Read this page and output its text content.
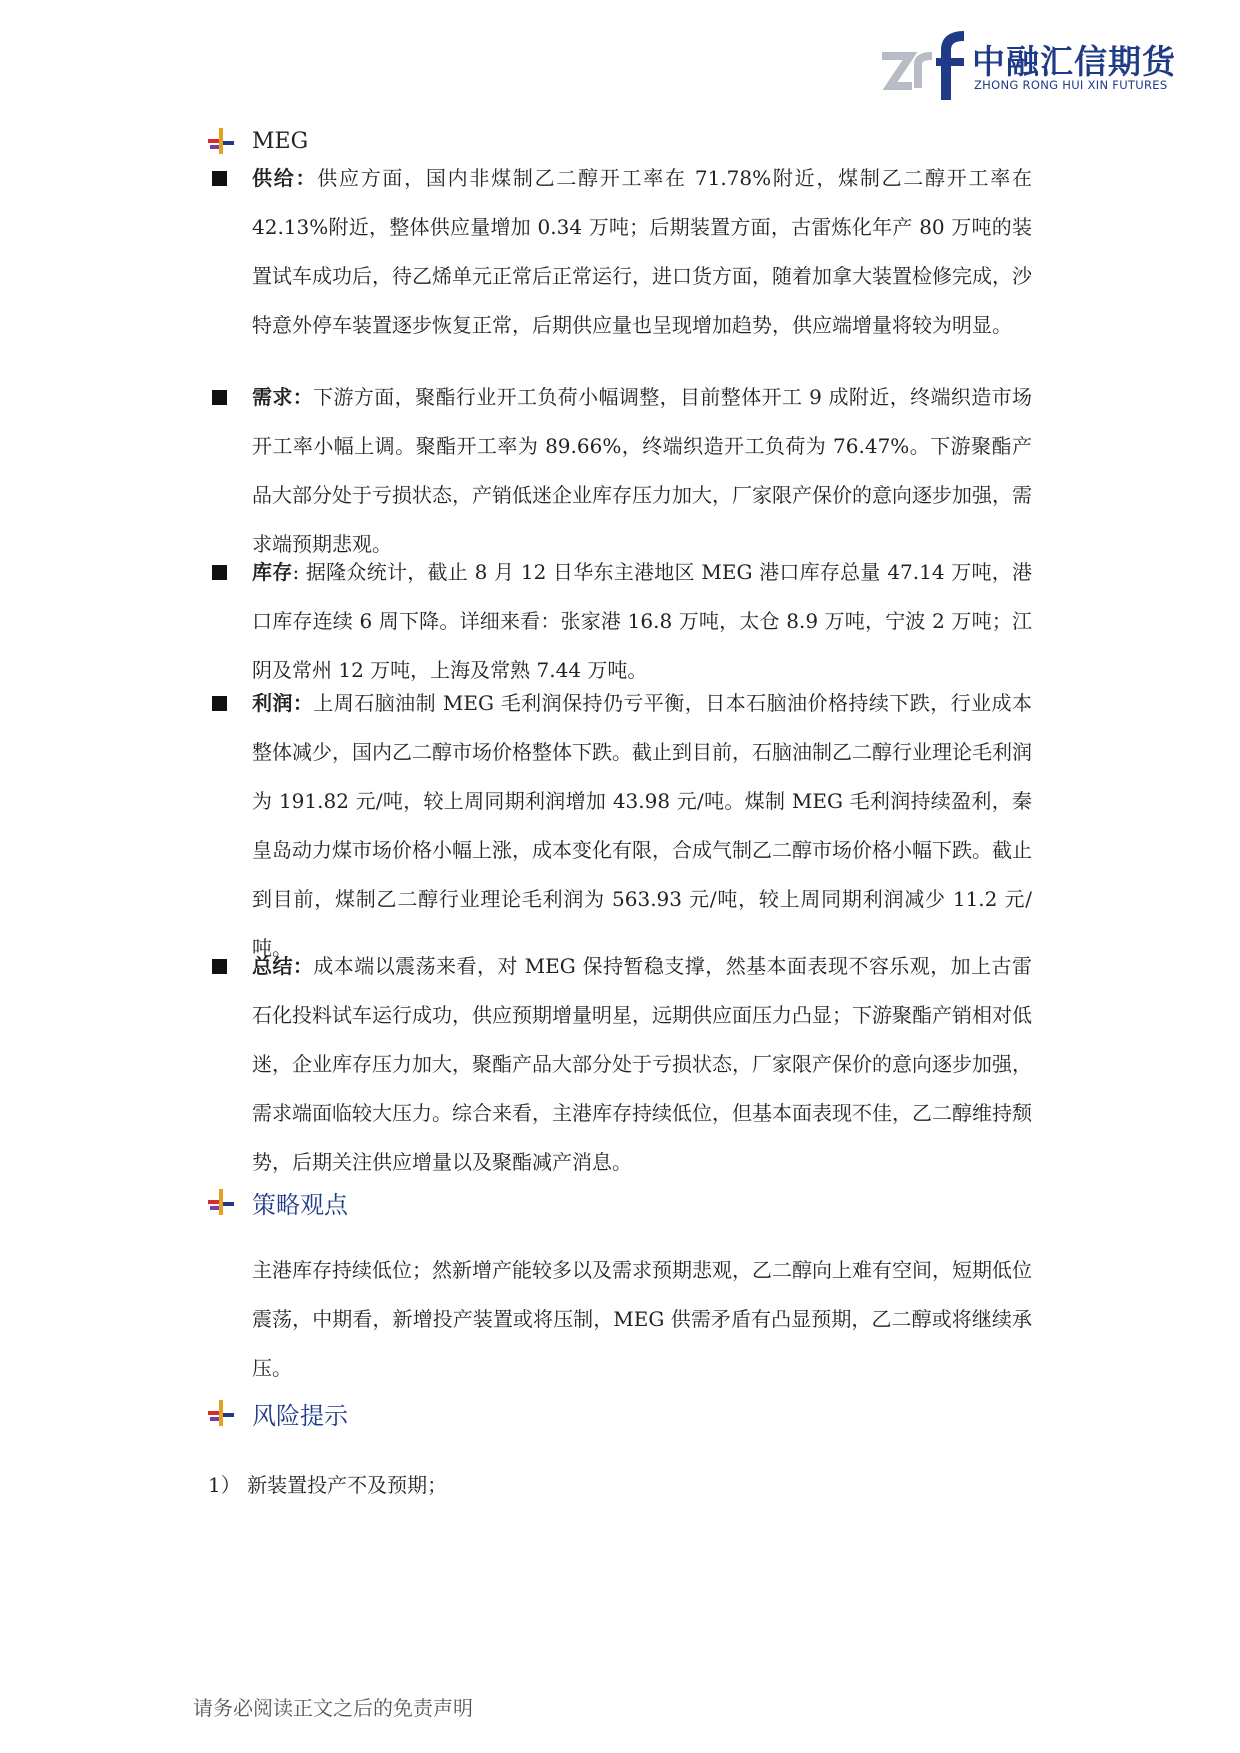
中融汇信期货
ZHONG RONG HUI XIN FUTURES
MEG
供给：供应方面，国内非煤制乙二醇开工率在 71.78%附近，煤制乙二醇开工率在 42.13%附近，整体供应量增加 0.34 万吨；后期装置方面，古雷炼化年产 80 万吨的装置试车成功后，待乙烯单元正常后正常运行，进口货方面，随着加拿大装置检修完成，沙特意外停车装置逐步恢复正常，后期供应量也呈现增加趋势，供应端增量将较为明显。
需求：下游方面，聚酯行业开工负荷小幅调整，目前整体开工 9 成附近，终端织造市场开工率小幅上调。聚酯开工率为 89.66%，终端织造开工负荷为 76.47%。下游聚酯产品大部分处于亏损状态，产销低迷企业库存压力加大，厂家限产保价的意向逐步加强，需求端预期悲观。
库存: 据隆众统计，截止 8 月 12 日华东主港地区 MEG 港口库存总量 47.14 万吨，港口库存连续 6 周下降。详细来看：张家港 16.8 万吨，太仓 8.9 万吨，宁波 2 万吨；江阴及常州 12 万吨，上海及常熟 7.44 万吨。
利润：上周石脑油制 MEG 毛利润保持仍亏平衡，日本石脑油价格持续下跌，行业成本整体减少，国内乙二醇市场价格整体下跌。截止到目前，石脑油制乙二醇行业理论毛利润为 191.82 元/吨，较上周同期利润增加 43.98 元/吨。煤制 MEG 毛利润持续盈利，秦皇岛动力煤市场价格小幅上涨，成本变化有限，合成气制乙二醇市场价格小幅下跌。截止到目前，煤制乙二醇行业理论毛利润为 563.93 元/吨，较上周同期利润减少 11.2 元/吨。
总结：成本端以震荡来看，对 MEG 保持暂稳支撑，然基本面表现不容乐观，加上古雷石化投料试车运行成功，供应预期增量明星，远期供应面压力凸显；下游聚酯产销相对低迷，企业库存压力加大，聚酯产品大部分处于亏损状态，厂家限产保价的意向逐步加强，需求端面临较大压力。综合来看，主港库存持续低位，但基本面表现不佳，乙二醇维持颓势，后期关注供应增量以及聚酯减产消息。
策略观点
主港库存持续低位；然新增产能较多以及需求预期悲观，乙二醇向上难有空间，短期低位震荡，中期看，新增投产装置或将压制，MEG 供需矛盾有凸显预期，乙二醇或将继续承压。
风险提示
1） 新装置投产不及预期；
请务必阅读正文之后的免责声明
